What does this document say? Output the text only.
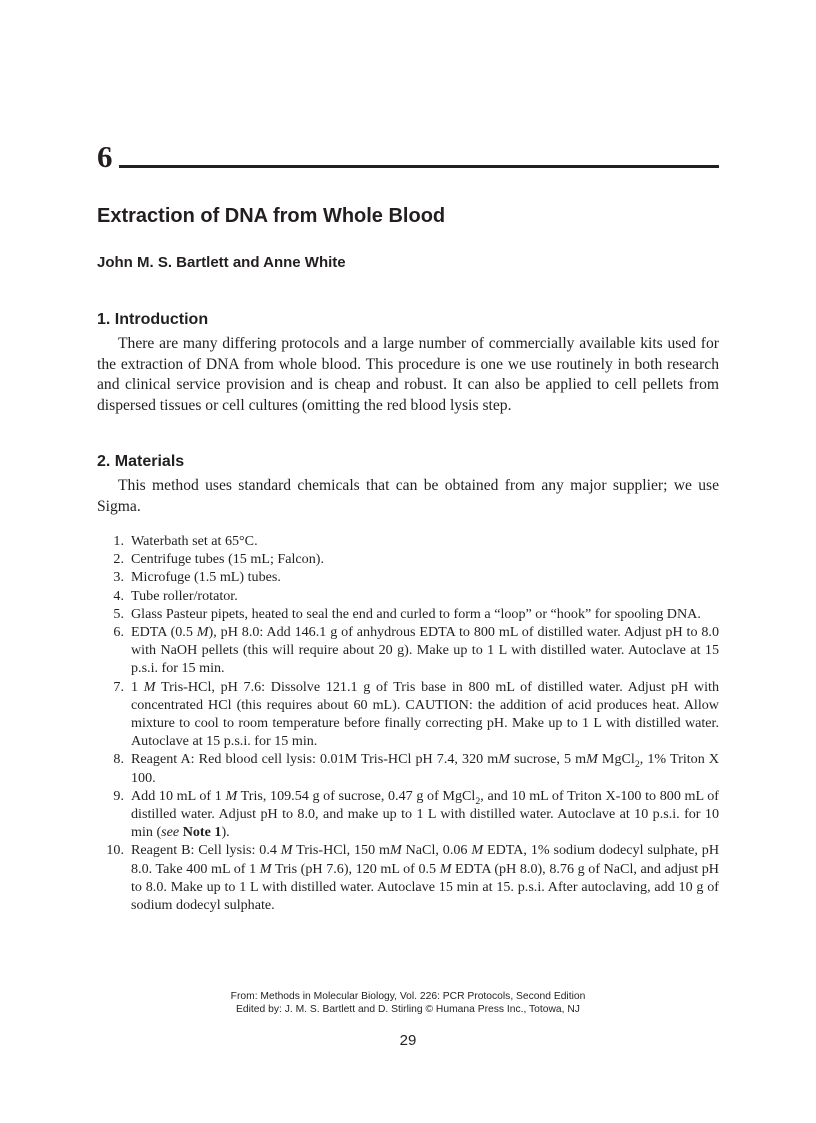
6
Extraction of DNA from Whole Blood
John M. S. Bartlett and Anne White
1. Introduction

There are many differing protocols and a large number of commercially available kits used for the extraction of DNA from whole blood. This procedure is one we use routinely in both research and clinical service provision and is cheap and robust. It can also be applied to cell pellets from dispersed tissues or cell cultures (omitting the red blood lysis step.

2. Materials

This method uses standard chemicals that can be obtained from any major supplier; we use Sigma.

1. Waterbath set at 65°C.
2. Centrifuge tubes (15 mL; Falcon).
3. Microfuge (1.5 mL) tubes.
4. Tube roller/rotator.
5. Glass Pasteur pipets, heated to seal the end and curled to form a “loop” or “hook” for spooling DNA.
6. EDTA (0.5 M), pH 8.0: Add 146.1 g of anhydrous EDTA to 800 mL of distilled water. Adjust pH to 8.0 with NaOH pellets (this will require about 20 g). Make up to 1 L with distilled water. Autoclave at 15 p.s.i. for 15 min.
7. 1 M Tris-HCl, pH 7.6: Dissolve 121.1 g of Tris base in 800 mL of distilled water. Adjust pH with concentrated HCl (this requires about 60 mL). CAUTION: the addition of acid produces heat. Allow mixture to cool to room temperature before finally correcting pH. Make up to 1 L with distilled water. Autoclave at 15 p.s.i. for 15 min.
8. Reagent A: Red blood cell lysis: 0.01M Tris-HCl pH 7.4, 320 mM sucrose, 5 mM MgCl$_2$, 1% Triton X 100.
9. Add 10 mL of 1 M Tris, 109.54 g of sucrose, 0.47 g of MgCl$_2$, and 10 mL of Triton X-100 to 800 mL of distilled water. Adjust pH to 8.0, and make up to 1 L with distilled water. Autoclave at 10 p.s.i. for 10 min (see Note 1).
10. Reagent B: Cell lysis: 0.4 M Tris-HCl, 150 mM NaCl, 0.06 M EDTA, 1% sodium dodecyl sulphate, pH 8.0. Take 400 mL of 1 M Tris (pH 7.6), 120 mL of 0.5 M EDTA (pH 8.0), 8.76 g of NaCl, and adjust pH to 8.0. Make up to 1 L with distilled water. Autoclave 15 min at 15. p.s.i. After autoclaving, add 10 g of sodium dodecyl sulphate.
From: Methods in Molecular Biology, Vol. 226: PCR Protocols, Second Edition
Edited by: J. M. S. Bartlett and D. Stirling © Humana Press Inc., Totowa, NJ
29
